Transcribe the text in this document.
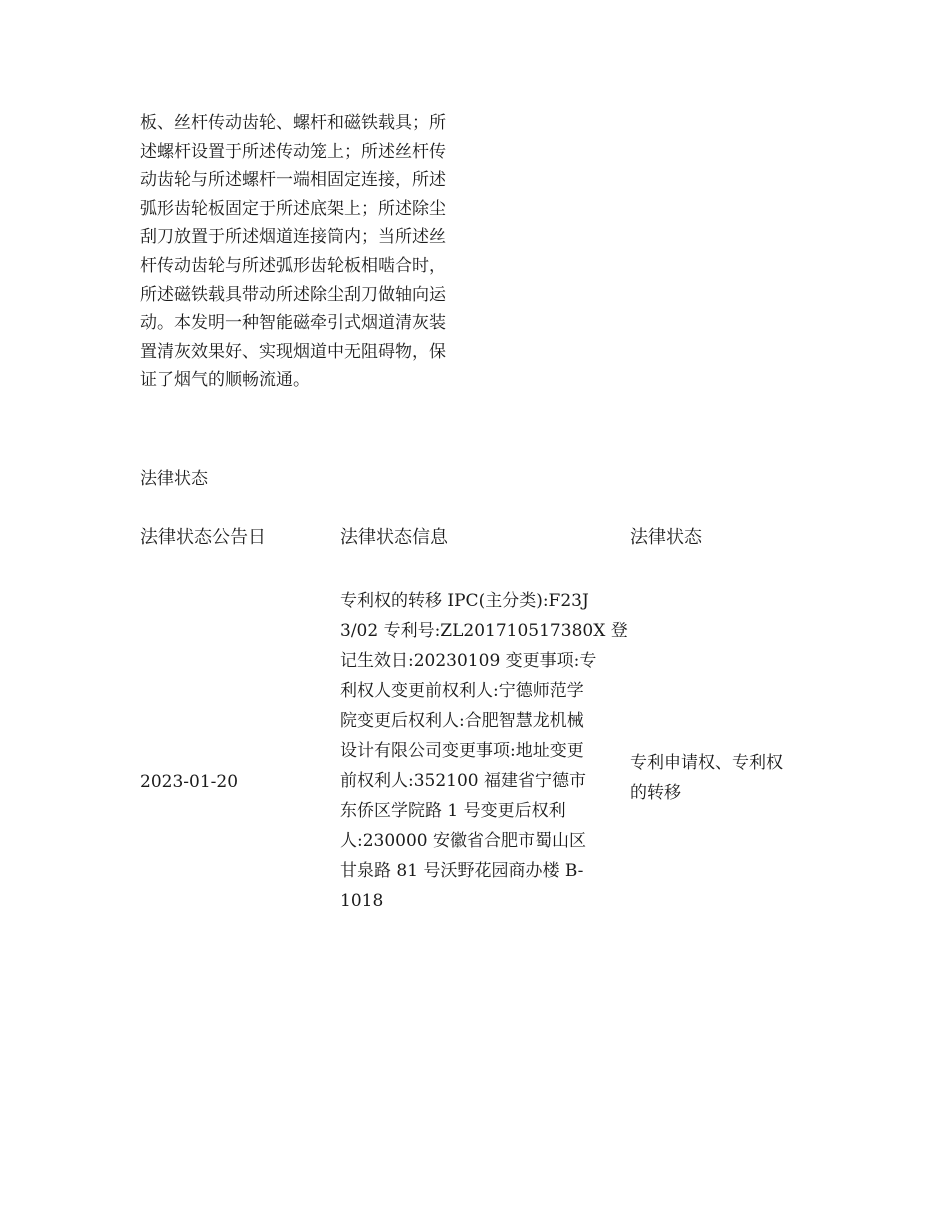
板、丝杆传动齿轮、螺杆和磁铁载具；所
述螺杆设置于所述传动笼上；所述丝杆传
动齿轮与所述螺杆一端相固定连接，所述
弧形齿轮板固定于所述底架上；所述除尘
刮刀放置于所述烟道连接筒内；当所述丝
杆传动齿轮与所述弧形齿轮板相啮合时，
所述磁铁载具带动所述除尘刮刀做轴向运
动。本发明一种智能磁牵引式烟道清灰装
置清灰效果好、实现烟道中无阻碍物，保
证了烟气的顺畅流通。
法律状态
法律状态公告日	法律状态信息	法律状态
2023-01-20
专利权的转移 IPC(主分类):F23J
3/02 专利号:ZL201710517380X 登
记生效日:20230109 变更事项:专
利权人变更前权利人:宁德师范学
院变更后权利人:合肥智慧龙机械
设计有限公司变更事项:地址变更
前权利人:352100 福建省宁德市
东侨区学院路 1 号变更后权利
人:230000 安徽省合肥市蜀山区
甘泉路 81 号沃野花园商办楼 B-
1018
专利申请权、专利权
的转移
